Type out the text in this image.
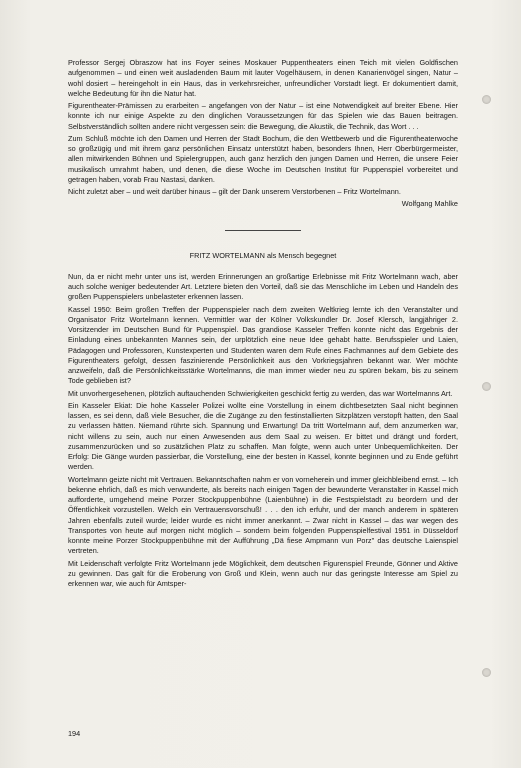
Professor Sergej Obraszow hat ins Foyer seines Moskauer Puppentheaters einen Teich mit vielen Goldfischen aufgenommen – und einen weit ausladenden Baum mit lauter Vogelhäusern, in denen Kanarienvögel singen, Natur – wohl dosiert – hereingeholt in ein Haus, das in verkehrsreicher, unfreundlicher Vorstadt liegt. Er dokumentiert damit, welche Bedeutung für ihn die Natur hat.

Figurentheater-Prämissen zu erarbeiten – angefangen von der Natur – ist eine Notwendigkeit auf breiter Ebene. Hier konnte ich nur einige Aspekte zu den dinglichen Voraussetzungen für das Spielen wie das Bauen beitragen. Selbstverständlich sollten andere nicht vergessen sein: die Bewegung, die Akustik, die Technik, das Wort . . .

Zum Schluß möchte ich den Damen und Herren der Stadt Bochum, die den Wettbewerb und die Figurentheaterwoche so großzügig und mit ihrem ganz persönlichen Einsatz unterstützt haben, besonders Ihnen, Herr Oberbürgermeister, allen mitwirkenden Bühnen und Spielergruppen, auch ganz herzlich den jungen Damen und Herren, die unsere Feier musikalisch umrahmt haben, und denen, die diese Woche im Deutschen Institut für Puppenspiel vorbereitet und getragen haben, vorab Frau Nastasi, danken.

Nicht zuletzt aber – und weit darüber hinaus – gilt der Dank unserem Verstorbenen – Fritz Wortelmann.

Wolfgang Mahlke

FRITZ WORTELMANN als Mensch begegnet

Nun, da er nicht mehr unter uns ist, werden Erinnerungen an großartige Erlebnisse mit Fritz Wortelmann wach, aber auch solche weniger bedeutender Art. Letztere bieten den Vorteil, daß sie das Menschliche im Leben und Handeln des großen Puppenspielers unbelasteter erkennen lassen.

Kassel 1950: Beim großen Treffen der Puppenspieler nach dem zweiten Weltkrieg lernte ich den Veranstalter und Organisator Fritz Wortelmann kennen. Vermittler war der Kölner Volkskundler Dr. Josef Klersch, langjähriger 2. Vorsitzender im Deutschen Bund für Puppenspiel. Das grandiose Kasseler Treffen konnte nicht das Ergebnis der Einladung eines unbekannten Mannes sein, der urplötzlich eine neue Idee gehabt hatte. Berufsspieler und Laien, Pädagogen und Professoren, Kunstexperten und Studenten waren dem Rufe eines Fachmannes auf dem Gebiete des Figurentheaters gefolgt, dessen faszinierende Persönlichkeit aus den Vorkriegsjahren bekannt war. Wer möchte anzweifeln, daß die Persönlichkeitsstärke Wortelmanns, die man immer wieder neu zu spüren bekam, bis zu seinem Tode geblieben ist?

Mit unvorhergesehenen, plötzlich auftauchenden Schwierigkeiten geschickt fertig zu werden, das war Wortelmanns Art.

Ein Kasseler Ekiat: Die hohe Kasseler Polizei wollte eine Vorstellung in einem dichtbesetzten Saal nicht beginnen lassen, es sei denn, daß viele Besucher, die die Zugänge zu den festinstallierten Sitzplätzen verstopft hatten, den Saal zu verlassen hätten. Niemand rührte sich. Spannung und Erwartung! Da tritt Wortelmann auf, dem anzumerken war, nicht willens zu sein, auch nur einen Anwesenden aus dem Saal zu weisen. Er bittet und drängt und fordert, zusammenzurücken und so zusätzlichen Platz zu schaffen. Man folgte, wenn auch unter Unbequemlichkeiten. Der Erfolg: Die Gänge wurden passierbar, die Vorstellung, eine der besten in Kassel, konnte beginnen und zu Ende geführt werden.

Wortelmann geizte nicht mit Vertrauen. Bekanntschaften nahm er von vorneherein und immer gleichbleibend ernst. – Ich bekenne ehrlich, daß es mich verwunderte, als bereits nach einigen Tagen der bewunderte Veranstalter in Kassel mich aufforderte, umgehend meine Porzer Stockpuppenbühne (Laienbühne) in die Festspielstadt zu beordern und der Öffentlichkeit vorzustellen. Welch ein Vertrauensvorschuß! . . . den ich erfuhr, und der manch anderem in späteren Jahren ebenfalls zuteil wurde; leider wurde es nicht immer anerkannt. – Zwar nicht in Kassel – das war wegen des Transportes von heute auf morgen nicht möglich – sondern beim folgenden Puppenspielfestival 1951 in Düsseldorf konnte meine Porzer Stockpuppenbühne mit der Aufführung „Dä fiese Ampmann vun Porz" das deutsche Laienspiel vertreten.

Mit Leidenschaft verfolgte Fritz Wortelmann jede Möglichkeit, dem deutschen Figurenspiel Freunde, Gönner und Aktive zu gewinnen. Das galt für die Eroberung von Groß und Klein, wenn auch nur das geringste Interesse am Spiel zu erkennen war, wie auch für Amtsper-

194
